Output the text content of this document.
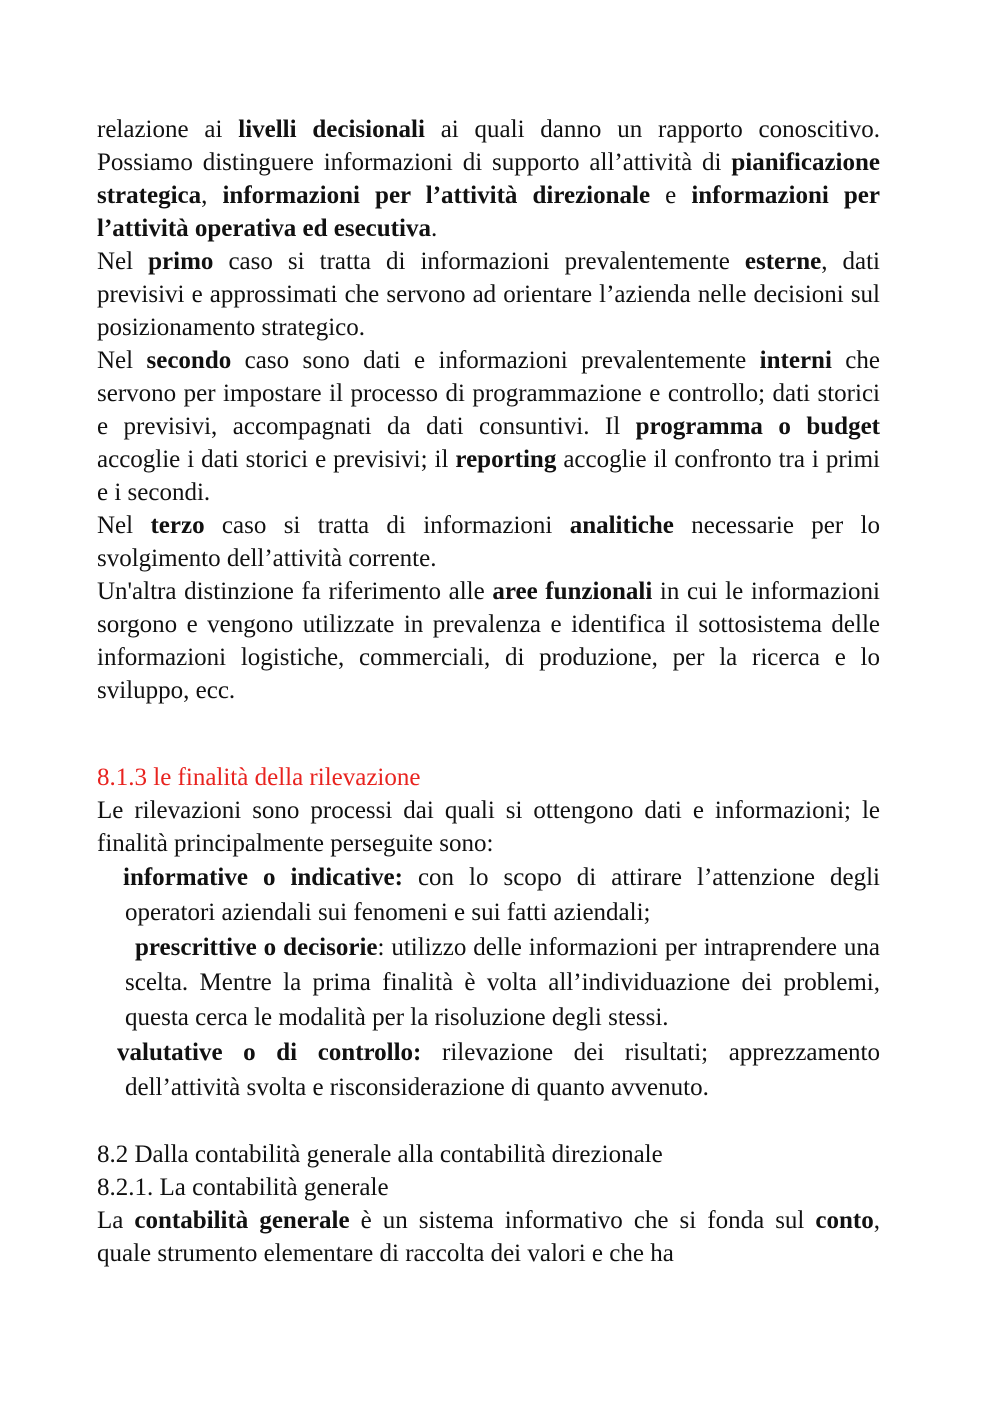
relazione ai livelli decisionali ai quali danno un rapporto conoscitivo. Possiamo distinguere informazioni di supporto all’attività di pianificazione strategica, informazioni per l’attività direzionale e informazioni per l’attività operativa ed esecutiva.

Nel primo caso si tratta di informazioni prevalentemente esterne, dati previsivi e approssimati che servono ad orientare l’azienda nelle decisioni sul posizionamento strategico.

Nel secondo caso sono dati e informazioni prevalentemente interni che servono per impostare il processo di programmazione e controllo; dati storici e previsivi, accompagnati da dati consuntivi. Il programma o budget accoglie i dati storici e previsivi; il reporting accoglie il confronto tra i primi e i secondi.

Nel terzo caso si tratta di informazioni analitiche necessarie per lo svolgimento dell’attività corrente.

Un'altra distinzione fa riferimento alle aree funzionali in cui le informazioni sorgono e vengono utilizzate in prevalenza e identifica il sottosistema delle informazioni logistiche, commerciali, di produzione, per la ricerca e lo sviluppo, ecc.

8.1.3 le finalità della rilevazione

Le rilevazioni sono processi dai quali si ottengono dati e informazioni; le finalità principalmente perseguite sono:

informative o indicative: con lo scopo di attirare l’attenzione degli operatori aziendali sui fenomeni e sui fatti aziendali;

prescrittive o decisorie: utilizzo delle informazioni per intraprendere una scelta. Mentre la prima finalità è volta all’individuazione dei problemi, questa cerca le modalità per la risoluzione degli stessi.

valutative o di controllo: rilevazione dei risultati; apprezzamento dell’attività svolta e risconsiderazione di quanto avvenuto.

8.2 Dalla contabilità generale alla contabilità direzionale

8.2.1. La contabilità generale

La contabilità generale è un sistema informativo che si fonda sul conto,   quale strumento elementare di raccolta dei valori e che ha
